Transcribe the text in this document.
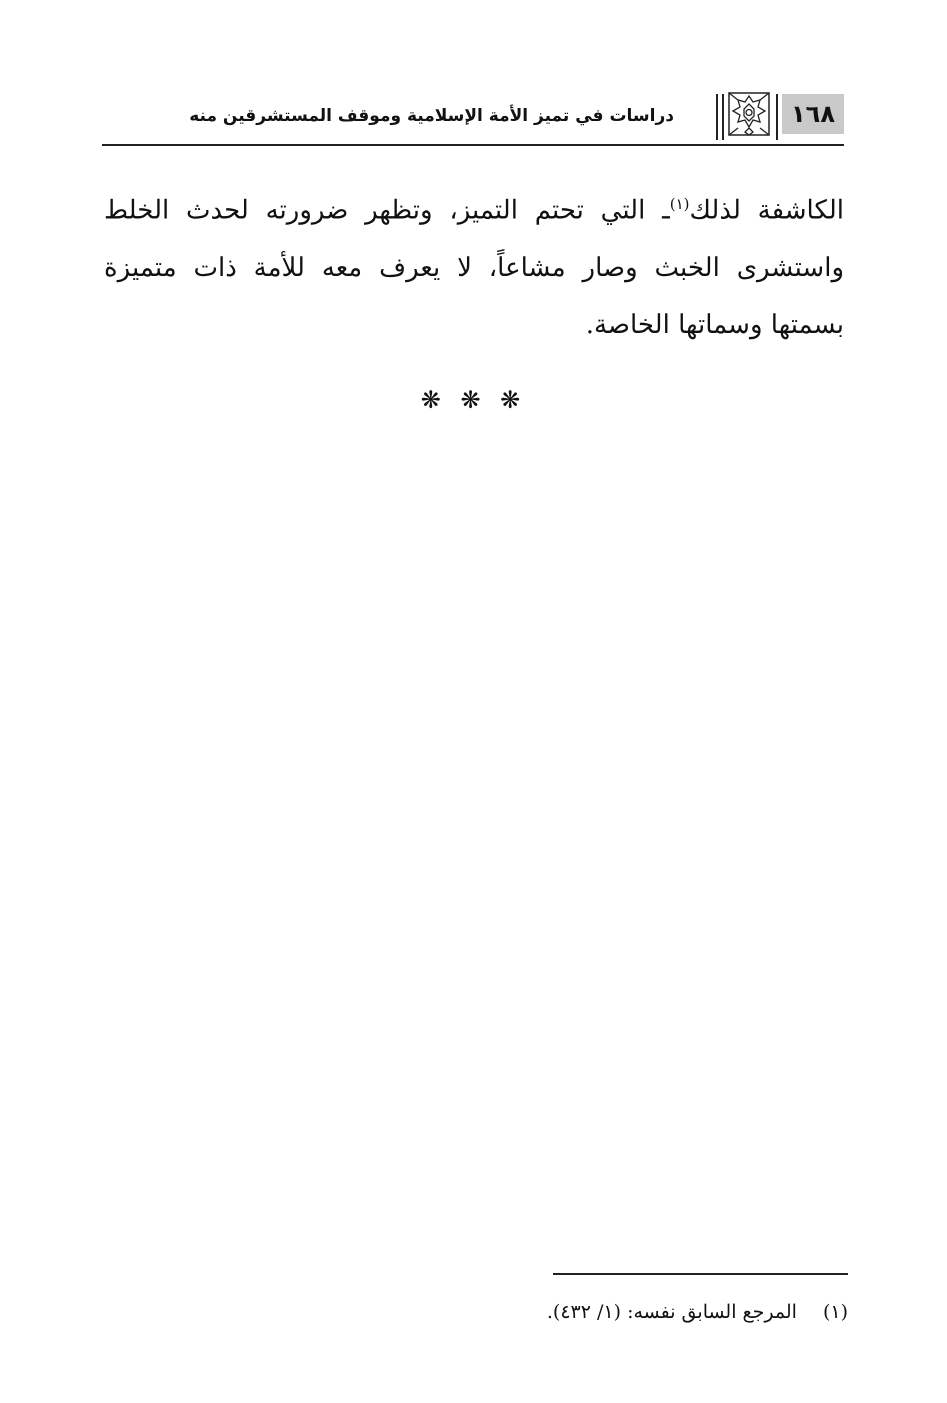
١٦٨
دراسات في تميز الأمة الإسلامية وموقف المستشرقين منه

الكاشفة لذلك$^{(١)}$ـ التي تحتم التميز، وتظهر ضرورته لحدث الخلط واستشرى الخبث وصار مشاعاً، لا يعرف معه للأمة ذات متميزة بسمتها وسماتها الخاصة.

❋ ❋ ❋
(١)المرجع السابق نفسه: (١/ ٤٣٢).
